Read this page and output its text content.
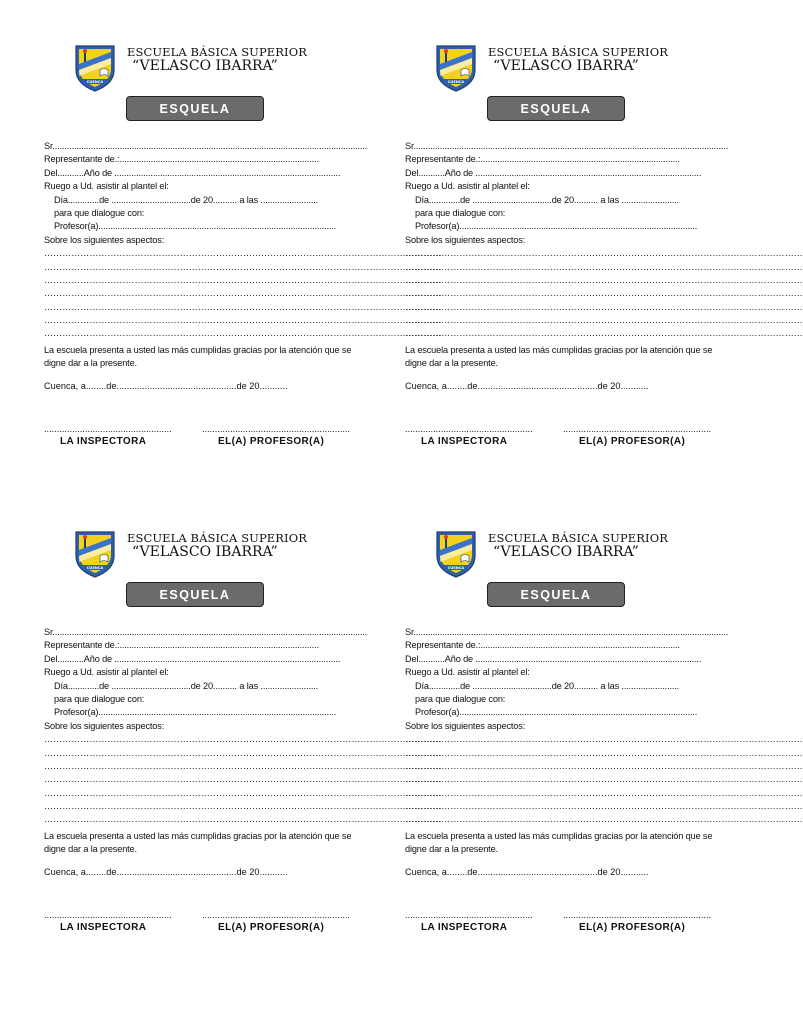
CUENCA
ESCUELA BÁSICA SUPERIOR
“VELASCO IBARRA”
ESQUELA
Sr...................................................................................................................................
Representante de.:...................................................................................
Del...........Año de ..............................................................................................
Ruego a Ud. asistir al plantel el:
Día.............de .................................de 20.......... a las ........................
para que dialogue con:
Profesor(a)...................................................................................................
Sobre los siguientes aspectos:
……………………………………………………………………………………………………………………
……………………………………………………………………………………………………………………
……………………………………………………………………………………………………………………
……………………………………………………………………………………………………………………
……………………………………………………………………………………………………………………
……………………………………………………………………………………………………………………
……………………………………………………………………………………………………………………
La escuela presenta a usted las más cumplidas gracias por la atención que se digne dar a la presente.
Cuenca, a........de...............................................de 20...........
..................................................	..........................................................
LA INSPECTORA	EL(A) PROFESOR(A)
CUENCA
ESCUELA BÁSICA SUPERIOR
“VELASCO IBARRA”
ESQUELA
Sr...................................................................................................................................
Representante de.:...................................................................................
Del...........Año de ..............................................................................................
Ruego a Ud. asistir al plantel el:
Día.............de .................................de 20.......... a las ........................
para que dialogue con:
Profesor(a)...................................................................................................
Sobre los siguientes aspectos:
……………………………………………………………………………………………………………………
……………………………………………………………………………………………………………………
……………………………………………………………………………………………………………………
……………………………………………………………………………………………………………………
……………………………………………………………………………………………………………………
……………………………………………………………………………………………………………………
……………………………………………………………………………………………………………………
La escuela presenta a usted las más cumplidas gracias por la atención que se digne dar a la presente.
Cuenca, a........de...............................................de 20...........
..................................................	..........................................................
LA INSPECTORA	EL(A) PROFESOR(A)
CUENCA
ESCUELA BÁSICA SUPERIOR
“VELASCO IBARRA”
ESQUELA
Sr...................................................................................................................................
Representante de.:...................................................................................
Del...........Año de ..............................................................................................
Ruego a Ud. asistir al plantel el:
Día.............de .................................de 20.......... a las ........................
para que dialogue con:
Profesor(a)...................................................................................................
Sobre los siguientes aspectos:
……………………………………………………………………………………………………………………
……………………………………………………………………………………………………………………
……………………………………………………………………………………………………………………
……………………………………………………………………………………………………………………
……………………………………………………………………………………………………………………
……………………………………………………………………………………………………………………
……………………………………………………………………………………………………………………
La escuela presenta a usted las más cumplidas gracias por la atención que se digne dar a la presente.
Cuenca, a........de...............................................de 20...........
..................................................	..........................................................
LA INSPECTORA	EL(A) PROFESOR(A)
CUENCA
ESCUELA BÁSICA SUPERIOR
“VELASCO IBARRA”
ESQUELA
Sr...................................................................................................................................
Representante de.:...................................................................................
Del...........Año de ..............................................................................................
Ruego a Ud. asistir al plantel el:
Día.............de .................................de 20.......... a las ........................
para que dialogue con:
Profesor(a)...................................................................................................
Sobre los siguientes aspectos:
……………………………………………………………………………………………………………………
……………………………………………………………………………………………………………………
……………………………………………………………………………………………………………………
……………………………………………………………………………………………………………………
……………………………………………………………………………………………………………………
……………………………………………………………………………………………………………………
……………………………………………………………………………………………………………………
La escuela presenta a usted las más cumplidas gracias por la atención que se digne dar a la presente.
Cuenca, a........de...............................................de 20...........
..................................................	..........................................................
LA INSPECTORA	EL(A) PROFESOR(A)
